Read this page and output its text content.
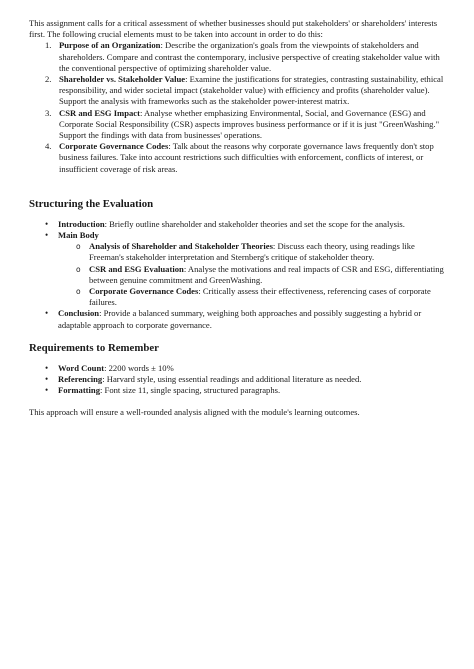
This assignment calls for a critical assessment of whether businesses should put stakeholders' or shareholders' interests first. The following crucial elements must to be taken into account in order to do this:

1. Purpose of an Organization: Describe the organization's goals from the viewpoints of stakeholders and shareholders. Compare and contrast the contemporary, inclusive perspective of creating stakeholder value with the conventional perspective of optimizing shareholder value.
2. Shareholder vs. Stakeholder Value: Examine the justifications for strategies, contrasting sustainability, ethical responsibility, and wider societal impact (stakeholder value) with efficiency and profits (shareholder value). Support the analysis with frameworks such as the stakeholder power-interest matrix.
3. CSR and ESG Impact: Analyse whether emphasizing Environmental, Social, and Governance (ESG) and Corporate Social Responsibility (CSR) aspects improves business performance or if it is just "GreenWashing." Support the findings with data from businesses' operations.
4. Corporate Governance Codes: Talk about the reasons why corporate governance laws frequently don't stop business failures. Take into account restrictions such difficulties with enforcement, conflicts of interest, or insufficient coverage of risk areas.
Structuring the Evaluation
• Introduction: Briefly outline shareholder and stakeholder theories and set the scope for the analysis.
• Main Body
o Analysis of Shareholder and Stakeholder Theories: Discuss each theory, using readings like Freeman's stakeholder interpretation and Sternberg's critique of stakeholder theory.
o CSR and ESG Evaluation: Analyse the motivations and real impacts of CSR and ESG, differentiating between genuine commitment and GreenWashing.
o Corporate Governance Codes: Critically assess their effectiveness, referencing cases of corporate failures.
• Conclusion: Provide a balanced summary, weighing both approaches and possibly suggesting a hybrid or adaptable approach to corporate governance.
Requirements to Remember
• Word Count: 2200 words ± 10%
• Referencing: Harvard style, using essential readings and additional literature as needed.
• Formatting: Font size 11, single spacing, structured paragraphs.

This approach will ensure a well-rounded analysis aligned with the module's learning outcomes.
